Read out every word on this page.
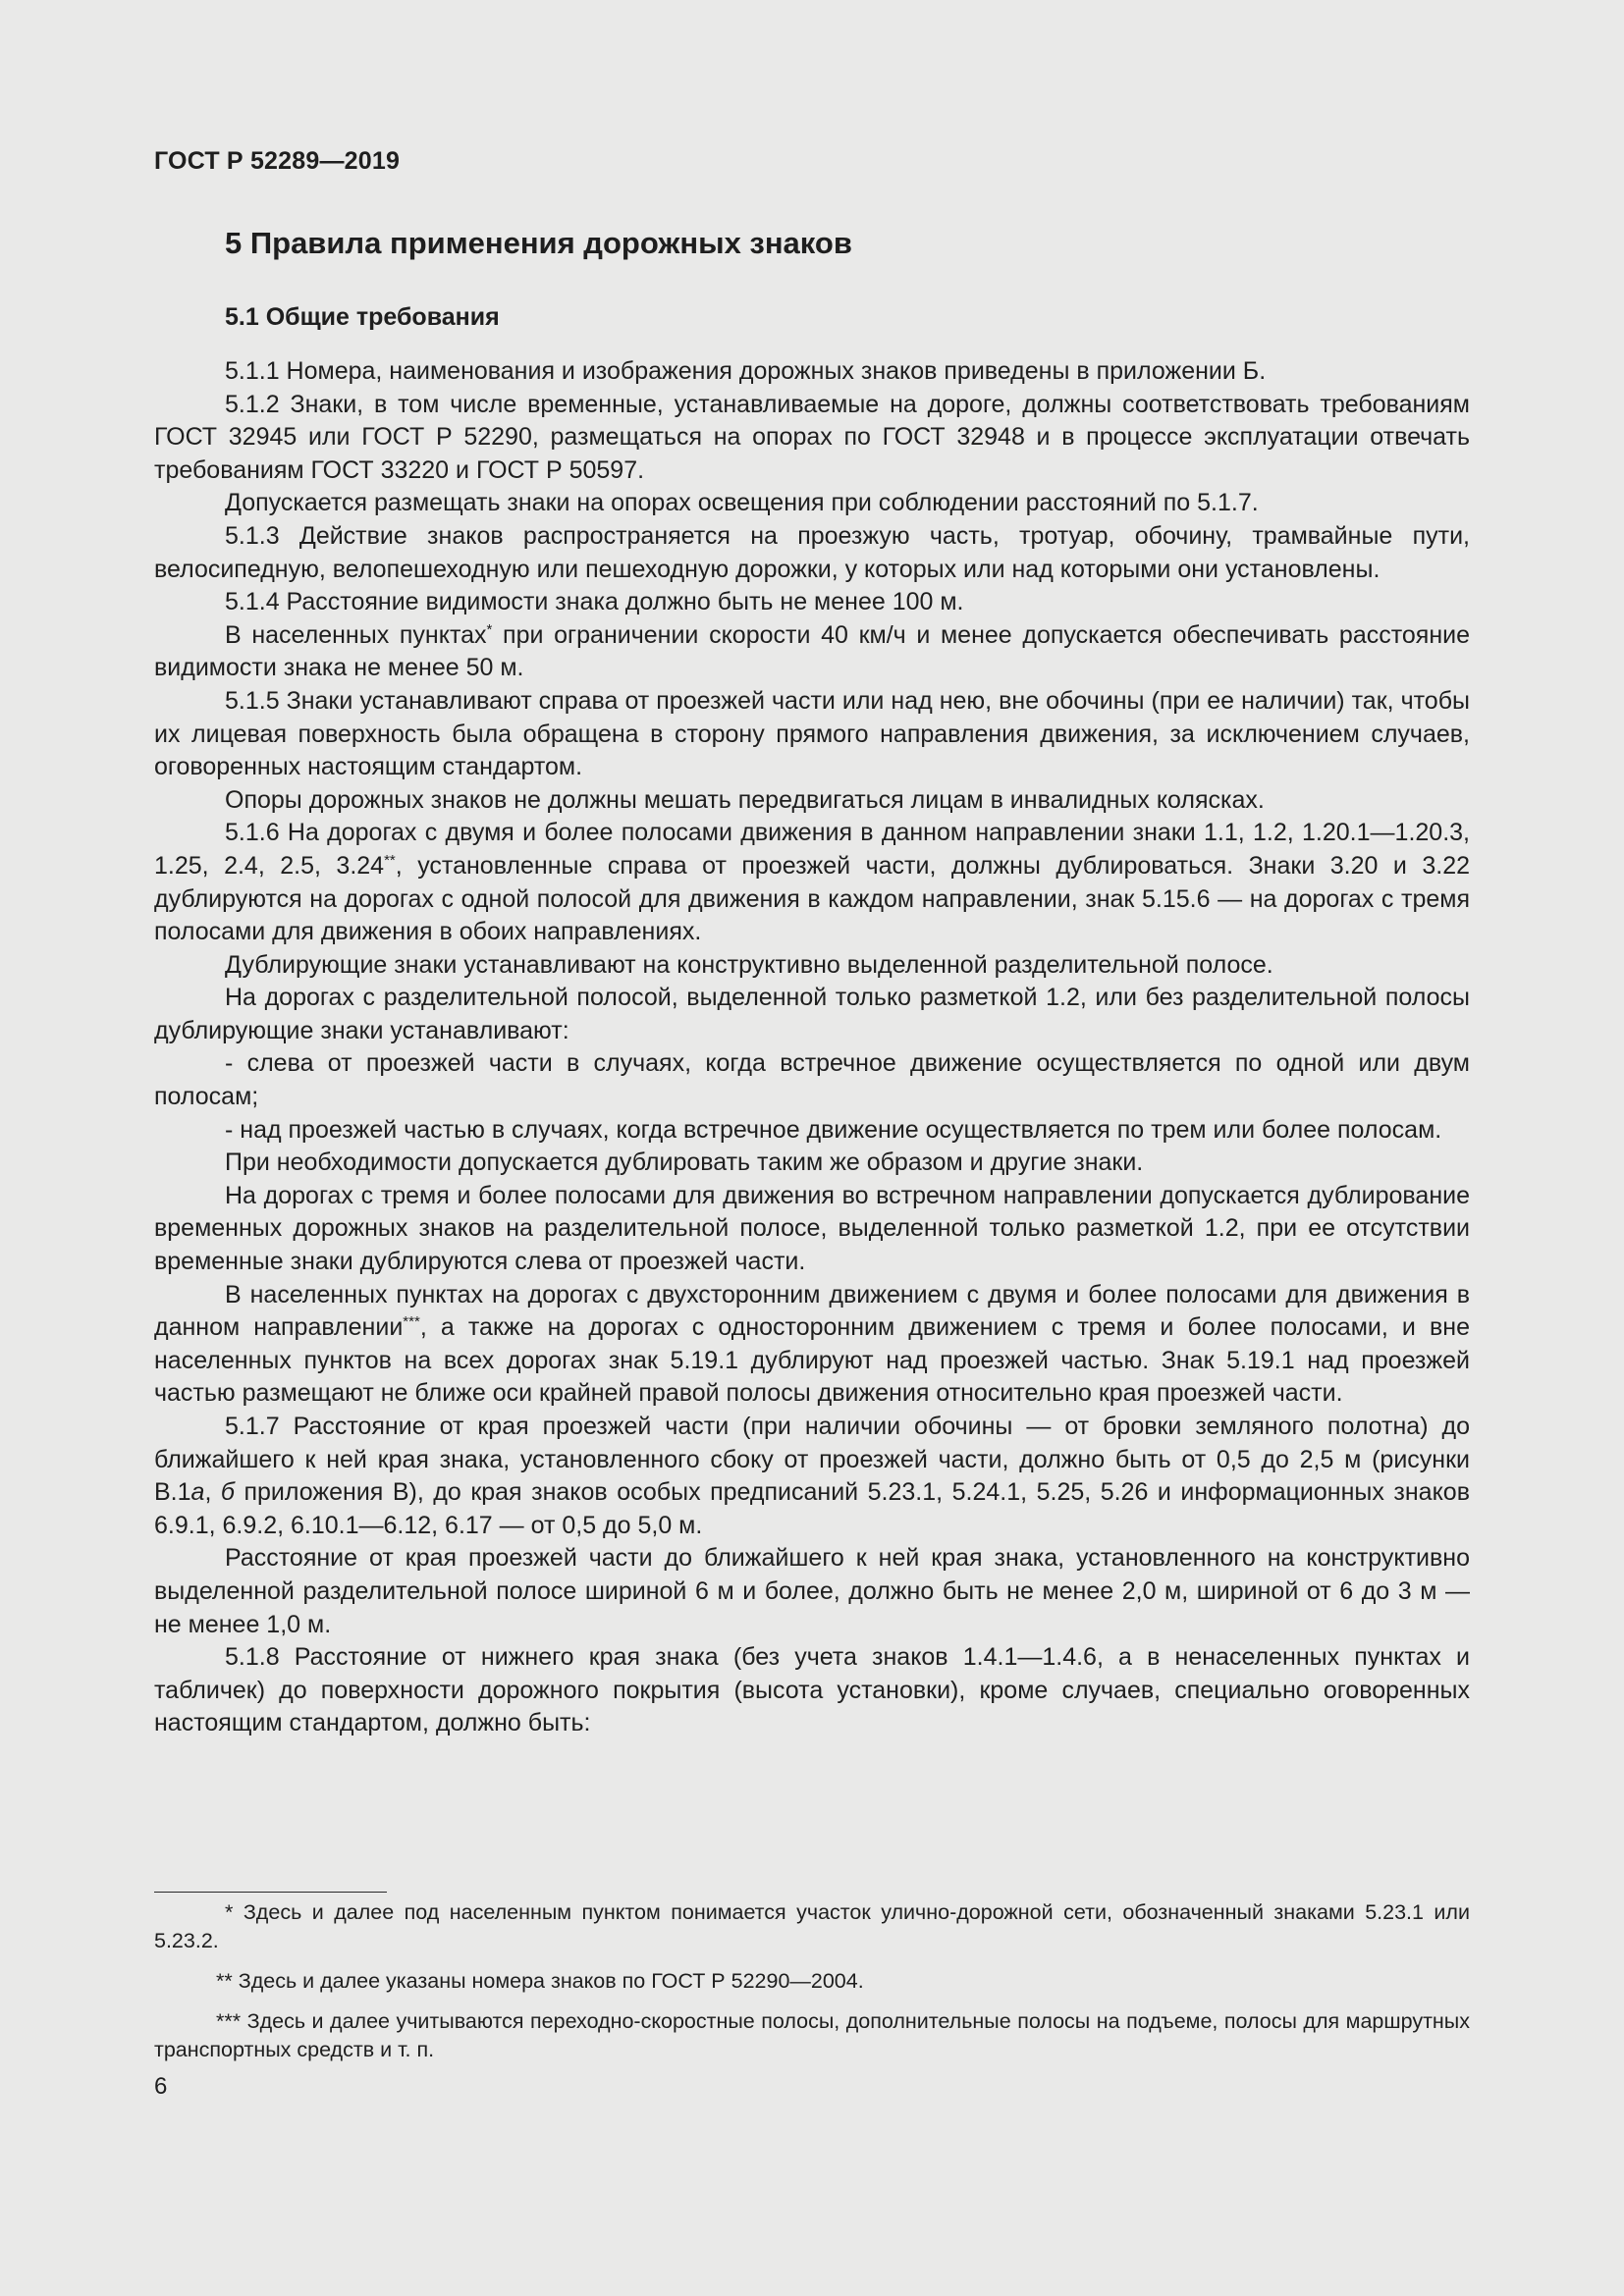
ГОСТ Р 52289—2019
5 Правила применения дорожных знаков
5.1 Общие требования

5.1.1 Номера, наименования и изображения дорожных знаков приведены в приложении Б.

5.1.2 Знаки, в том числе временные, устанавливаемые на дороге, должны соответствовать требованиям ГОСТ 32945 или ГОСТ Р 52290, размещаться на опорах по ГОСТ 32948 и в процессе эксплуатации отвечать требованиям ГОСТ 33220 и ГОСТ Р 50597.

Допускается размещать знаки на опорах освещения при соблюдении расстояний по 5.1.7.

5.1.3 Действие знаков распространяется на проезжую часть, тротуар, обочину, трамвайные пути, велосипедную, велопешеходную или пешеходную дорожки, у которых или над которыми они установлены.

5.1.4 Расстояние видимости знака должно быть не менее 100 м.

В населенных пунктах* при ограничении скорости 40 км/ч и менее допускается обеспечивать расстояние видимости знака не менее 50 м.

5.1.5 Знаки устанавливают справа от проезжей части или над нею, вне обочины (при ее наличии) так, чтобы их лицевая поверхность была обращена в сторону прямого направления движения, за исключением случаев, оговоренных настоящим стандартом.

Опоры дорожных знаков не должны мешать передвигаться лицам в инвалидных колясках.

5.1.6 На дорогах с двумя и более полосами движения в данном направлении знаки 1.1, 1.2, 1.20.1—1.20.3, 1.25, 2.4, 2.5, 3.24**, установленные справа от проезжей части, должны дублироваться. Знаки 3.20 и 3.22 дублируются на дорогах с одной полосой для движения в каждом направлении, знак 5.15.6 — на дорогах с тремя полосами для движения в обоих направлениях.

Дублирующие знаки устанавливают на конструктивно выделенной разделительной полосе.

На дорогах с разделительной полосой, выделенной только разметкой 1.2, или без разделительной полосы дублирующие знаки устанавливают:

- слева от проезжей части в случаях, когда встречное движение осуществляется по одной или двум полосам;

- над проезжей частью в случаях, когда встречное движение осуществляется по трем или более полосам.

При необходимости допускается дублировать таким же образом и другие знаки.

На дорогах с тремя и более полосами для движения во встречном направлении допускается дублирование временных дорожных знаков на разделительной полосе, выделенной только разметкой 1.2, при ее отсутствии временные знаки дублируются слева от проезжей части.

В населенных пунктах на дорогах с двухсторонним движением с двумя и более полосами для движения в данном направлении***, а также на дорогах с односторонним движением с тремя и более полосами, и вне населенных пунктов на всех дорогах знак 5.19.1 дублируют над проезжей частью. Знак 5.19.1 над проезжей частью размещают не ближе оси крайней правой полосы движения относительно края проезжей части.

5.1.7 Расстояние от края проезжей части (при наличии обочины — от бровки земляного полотна) до ближайшего к ней края знака, установленного сбоку от проезжей части, должно быть от 0,5 до 2,5 м (рисунки В.1а, б приложения В), до края знаков особых предписаний 5.23.1, 5.24.1, 5.25, 5.26 и информационных знаков 6.9.1, 6.9.2, 6.10.1—6.12, 6.17 — от 0,5 до 5,0 м.

Расстояние от края проезжей части до ближайшего к ней края знака, установленного на конструктивно выделенной разделительной полосе шириной 6 м и более, должно быть не менее 2,0 м, шириной от 6 до 3 м — не менее 1,0 м.

5.1.8 Расстояние от нижнего края знака (без учета знаков 1.4.1—1.4.6, а в ненаселенных пунктах и табличек) до поверхности дорожного покрытия (высота установки), кроме случаев, специально оговоренных настоящим стандартом, должно быть:

* Здесь и далее под населенным пунктом понимается участок улично-дорожной сети, обозначенный знаками 5.23.1 или 5.23.2.

** Здесь и далее указаны номера знаков по ГОСТ Р 52290—2004.

*** Здесь и далее учитываются переходно-скоростные полосы, дополнительные полосы на подъеме, полосы для маршрутных транспортных средств и т. п.

6
